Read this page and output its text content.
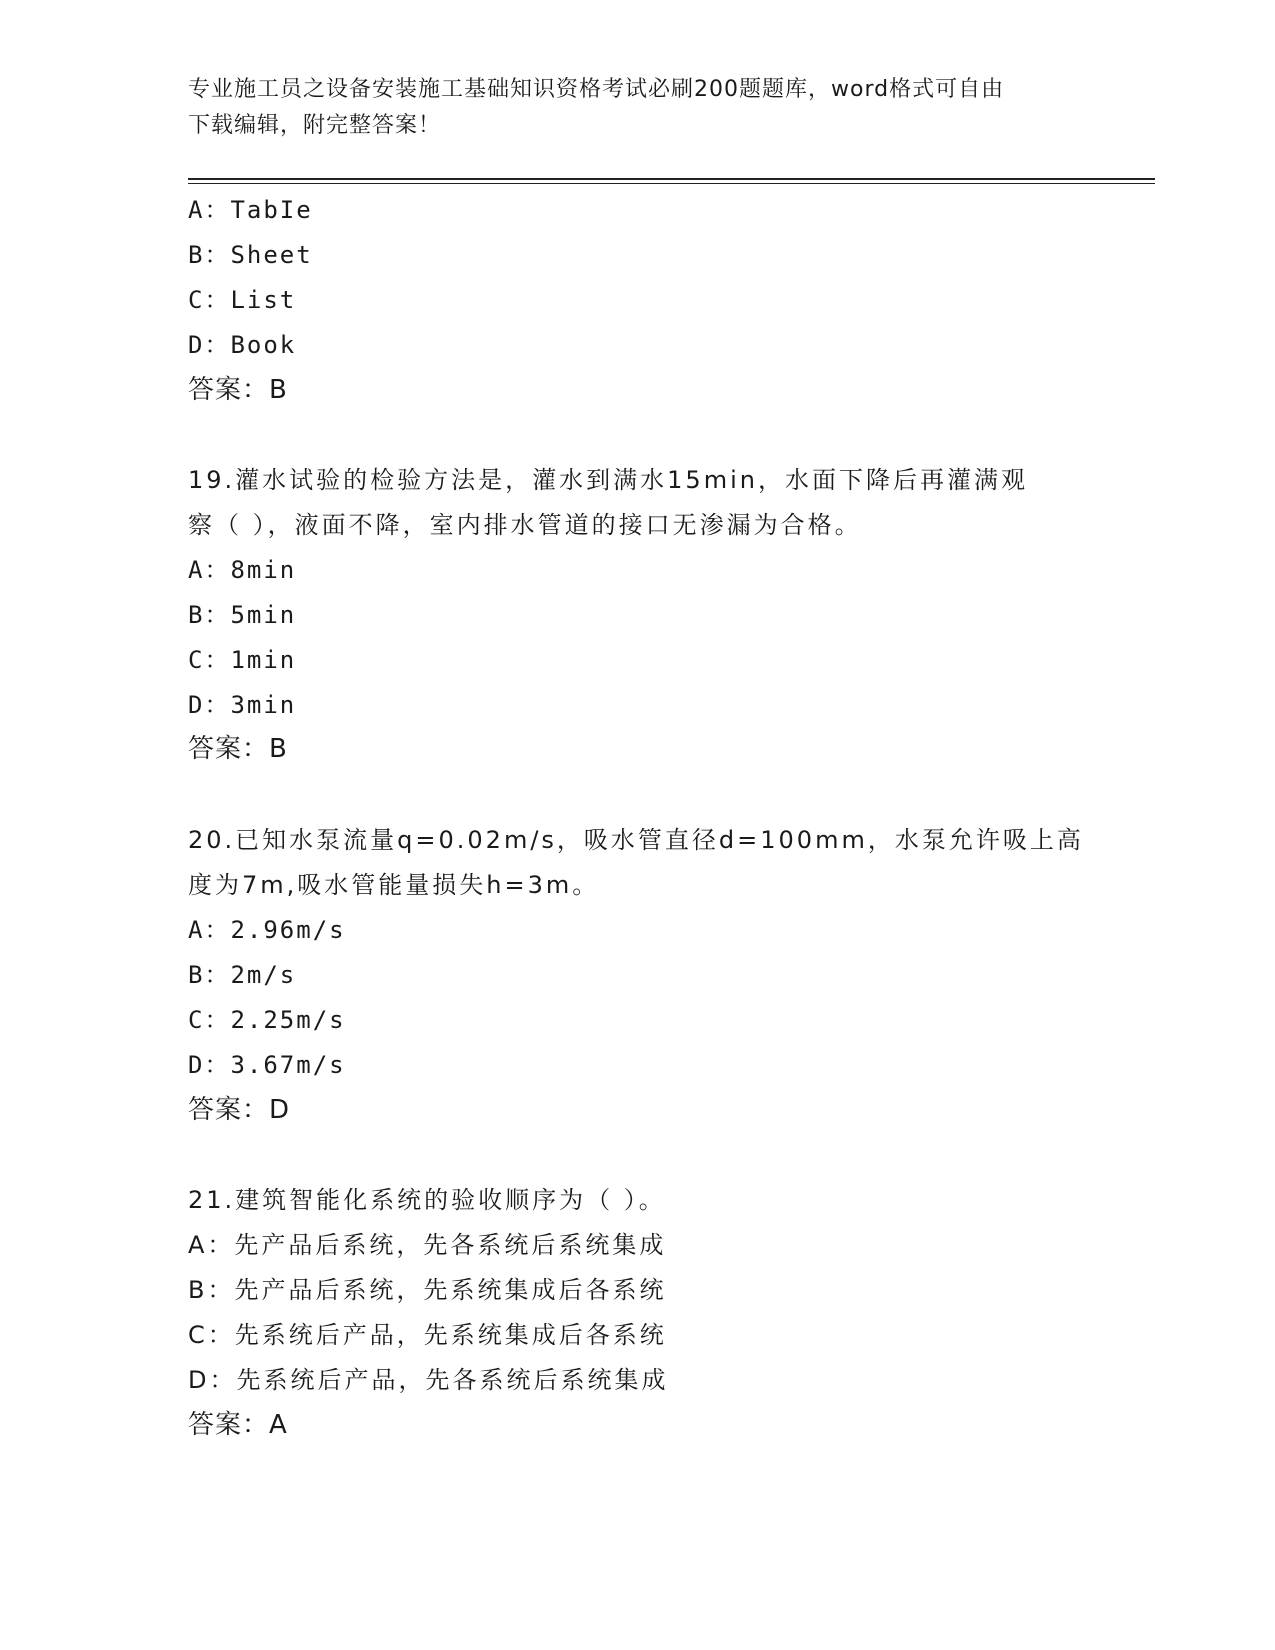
专业施工员之设备安装施工基础知识资格考试必刷200题题库，word格式可自由
下载编辑，附完整答案！

A：TabIe

B：Sheet

C：List

D：Book

答案：B

19.灌水试验的检验方法是，灌水到满水15min，水面下降后再灌满观

察（ ），液面不降，室内排水管道的接口无渗漏为合格。

A：8min

B：5min

C：1min

D：3min

答案：B

20.已知水泵流量q=0.02m/s，吸水管直径d=100mm，水泵允许吸上高

度为7m,吸水管能量损失h=3m。

A：2.96m/s

B：2m/s

C：2.25m/s

D：3.67m/s

答案：D

21.建筑智能化系统的验收顺序为（ ）。

A：先产品后系统，先各系统后系统集成

B：先产品后系统，先系统集成后各系统

C：先系统后产品，先系统集成后各系统

D：先系统后产品，先各系统后系统集成

答案：A
